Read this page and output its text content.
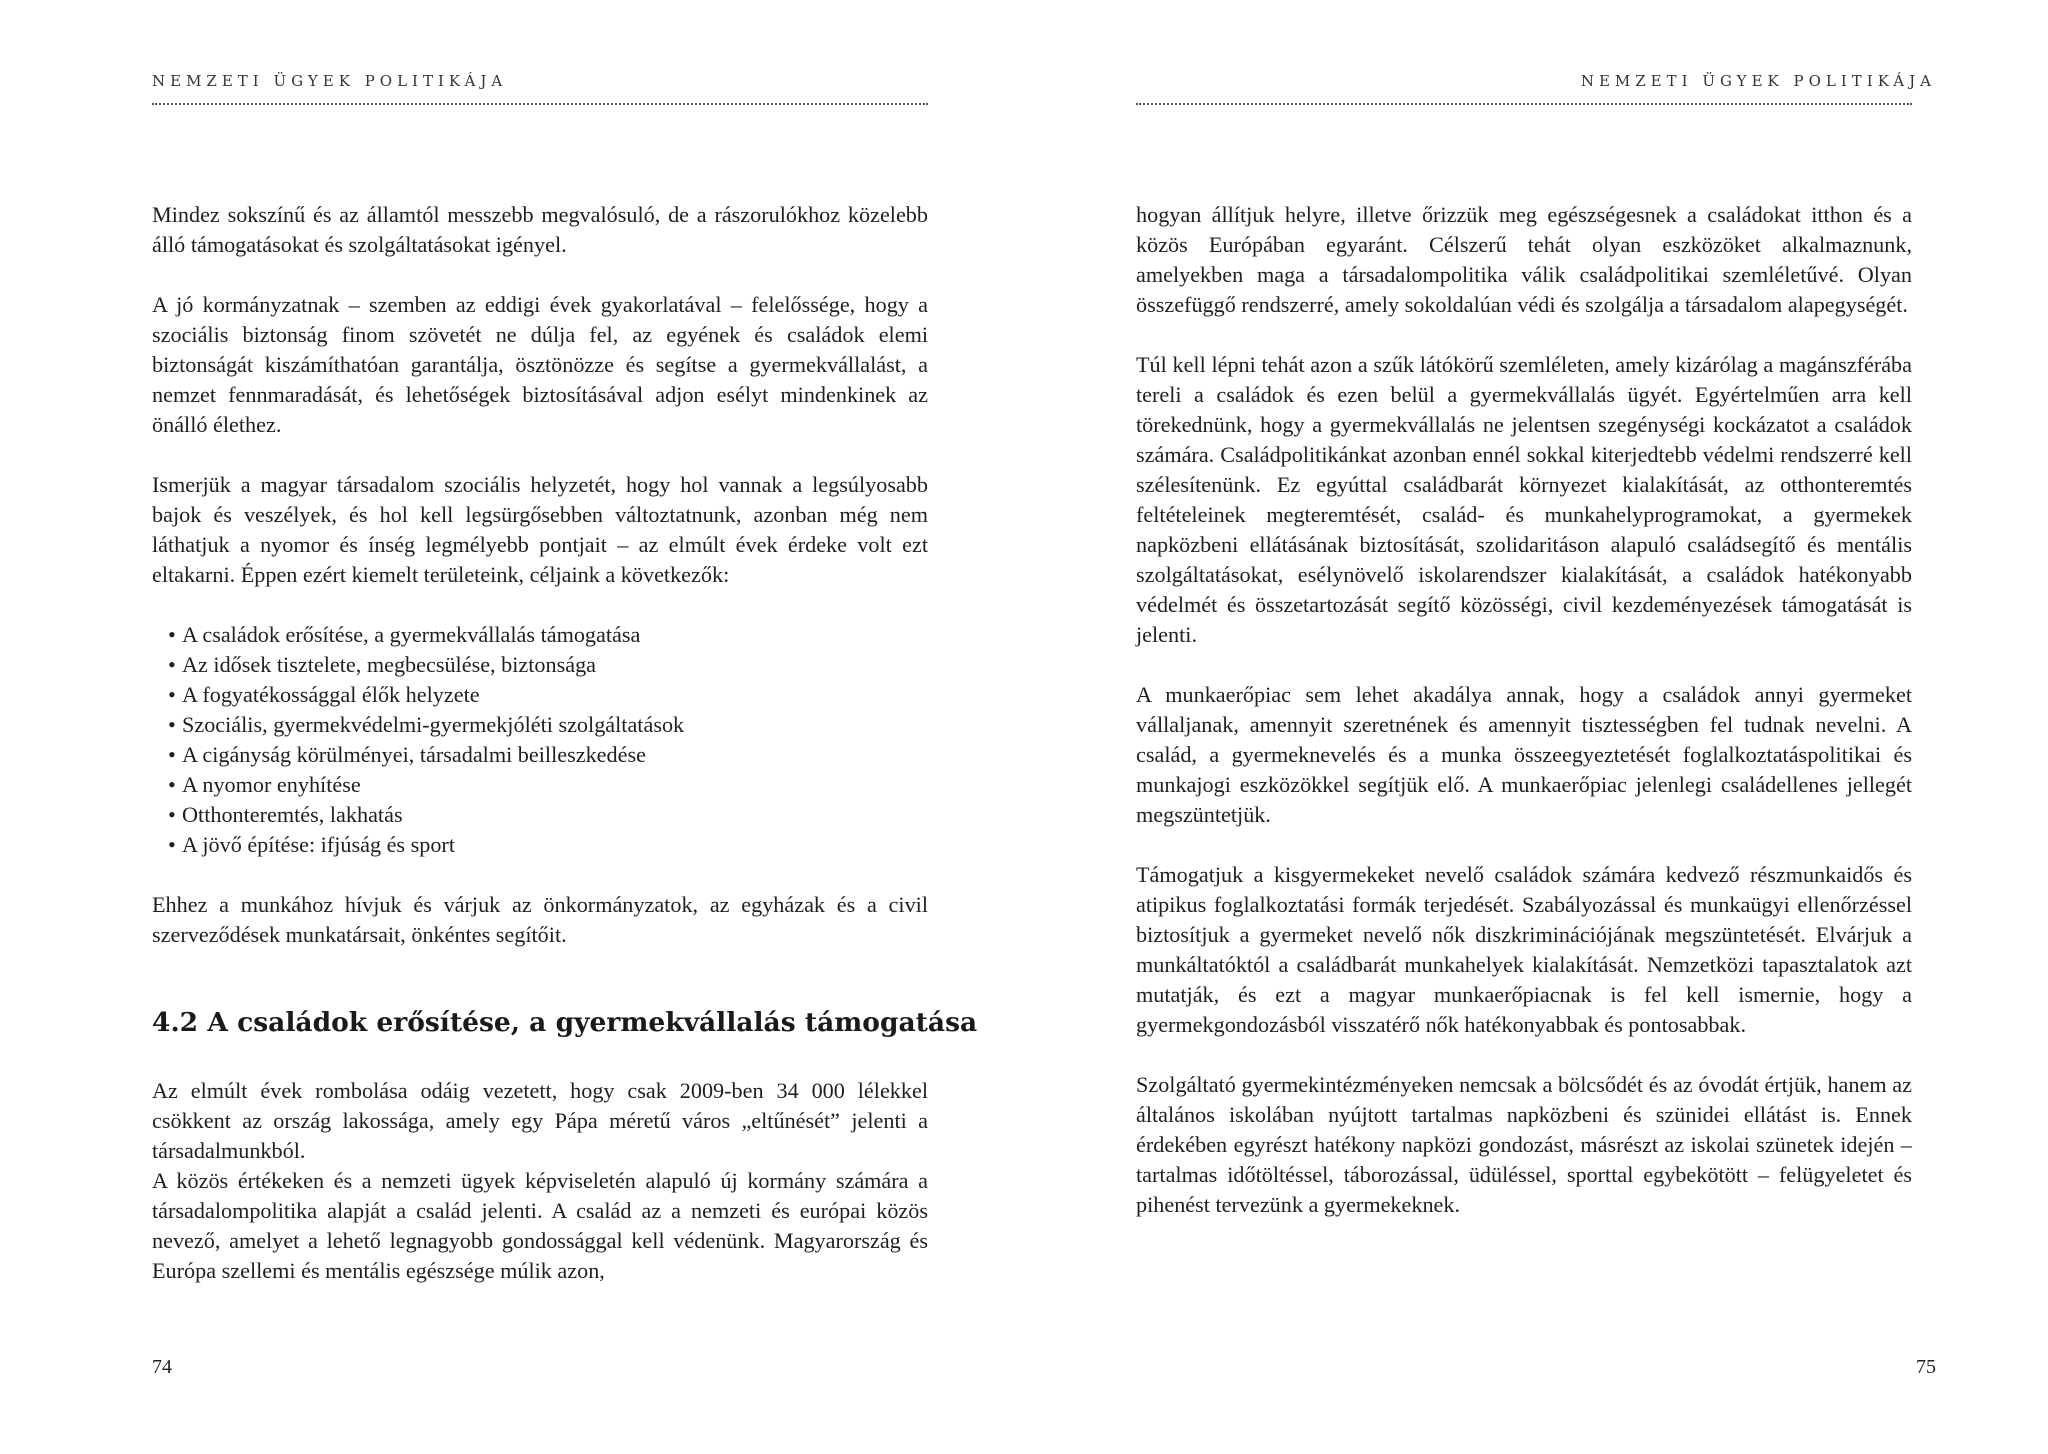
NEMZETI ÜGYEK POLITIKÁJA

Mindez sokszínű és az államtól messzebb megvalósuló, de a rászorulókhoz közelebb álló támogatásokat és szolgáltatásokat igényel.

A jó kormányzatnak – szemben az eddigi évek gyakorlatával – felelőssége, hogy a szociális biztonság finom szövetét ne dúlja fel, az egyének és családok elemi biztonságát kiszámíthatóan garantálja, ösztönözze és segítse a gyermekvállalást, a nemzet fennmaradását, és lehetőségek biztosításával adjon esélyt mindenkinek az önálló élethez.

Ismerjük a magyar társadalom szociális helyzetét, hogy hol vannak a legsúlyosabb bajok és veszélyek, és hol kell legsürgősebben változtatnunk, azonban még nem láthatjuk a nyomor és ínség legmélyebb pontjait – az elmúlt évek érdeke volt ezt eltakarni. Éppen ezért kiemelt területeink, céljaink a következők:

• A családok erősítése, a gyermekvállalás támogatása
• Az idősek tisztelete, megbecsülése, biztonsága
• A fogyatékossággal élők helyzete
• Szociális, gyermekvédelmi-gyermekjóléti szolgáltatások
• A cigányság körülményei, társadalmi beilleszkedése
• A nyomor enyhítése
• Otthonteremtés, lakhatás
• A jövő építése: ifjúság és sport

Ehhez a munkához hívjuk és várjuk az önkormányzatok, az egyházak és a civil szerveződések munkatársait, önkéntes segítőit.

4.2 A családok erősítése, a gyermekvállalás támogatása

Az elmúlt évek rombolása odáig vezetett, hogy csak 2009-ben 34 000 lélekkel csökkent az ország lakossága, amely egy Pápa méretű város „eltűnését” jelenti a társadalmunkból.

A közös értékeken és a nemzeti ügyek képviseletén alapuló új kormány számára a társadalompolitika alapját a család jelenti. A család az a nemzeti és európai közös nevező, amelyet a lehető legnagyobb gondossággal kell védenünk. Magyarország és Európa szellemi és mentális egészsége múlik azon,

74
NEMZETI ÜGYEK POLITIKÁJA

hogyan állítjuk helyre, illetve őrizzük meg egészségesnek a családokat itthon és a közös Európában egyaránt. Célszerű tehát olyan eszközöket alkalmaznunk, amelyekben maga a társadalompolitika válik családpolitikai szemléletűvé. Olyan összefüggő rendszerré, amely sokoldalúan védi és szolgálja a társadalom alapegységét.

Túl kell lépni tehát azon a szűk látókörű szemléleten, amely kizárólag a magánszférába tereli a családok és ezen belül a gyermekvállalás ügyét. Egyértelműen arra kell törekednünk, hogy a gyermekvállalás ne jelentsen szegénységi kockázatot a családok számára. Családpolitikánkat azonban ennél sokkal kiterjedtebb védelmi rendszerré kell szélesítenünk. Ez egyúttal családbarát környezet kialakítását, az otthonteremtés feltételeinek megteremtését, család- és munkahelyprogramokat, a gyermekek napközbeni ellátásának biztosítását, szolidaritáson alapuló családsegítő és mentális szolgáltatásokat, esélynövelő iskolarendszer kialakítását, a családok hatékonyabb védelmét és összetartozását segítő közösségi, civil kezdeményezések támogatását is jelenti.

A munkaerőpiac sem lehet akadálya annak, hogy a családok annyi gyermeket vállaljanak, amennyit szeretnének és amennyit tisztességben fel tudnak nevelni. A család, a gyermeknevelés és a munka összeegyeztetését foglalkoztatáspolitikai és munkajogi eszközökkel segítjük elő. A munkaerőpiac jelenlegi családellenes jellegét megszüntetjük.

Támogatjuk a kisgyermekeket nevelő családok számára kedvező részmunkaidős és atipikus foglalkoztatási formák terjedését. Szabályozással és munkaügyi ellenőrzéssel biztosítjuk a gyermeket nevelő nők diszkriminációjának megszüntetését. Elvárjuk a munkáltatóktól a családbarát munkahelyek kialakítását. Nemzetközi tapasztalatok azt mutatják, és ezt a magyar munkaerőpiacnak is fel kell ismernie, hogy a gyermekgondozásból visszatérő nők hatékonyabbak és pontosabbak.

Szolgáltató gyermekintézményeken nemcsak a bölcsődét és az óvodát értjük, hanem az általános iskolában nyújtott tartalmas napközbeni és szünidei ellátást is. Ennek érdekében egyrészt hatékony napközi gondozást, másrészt az iskolai szünetek idején – tartalmas időtöltéssel, táborozással, üdüléssel, sporttal egybekötött – felügyeletet és pihenést tervezünk a gyermekeknek.

75
